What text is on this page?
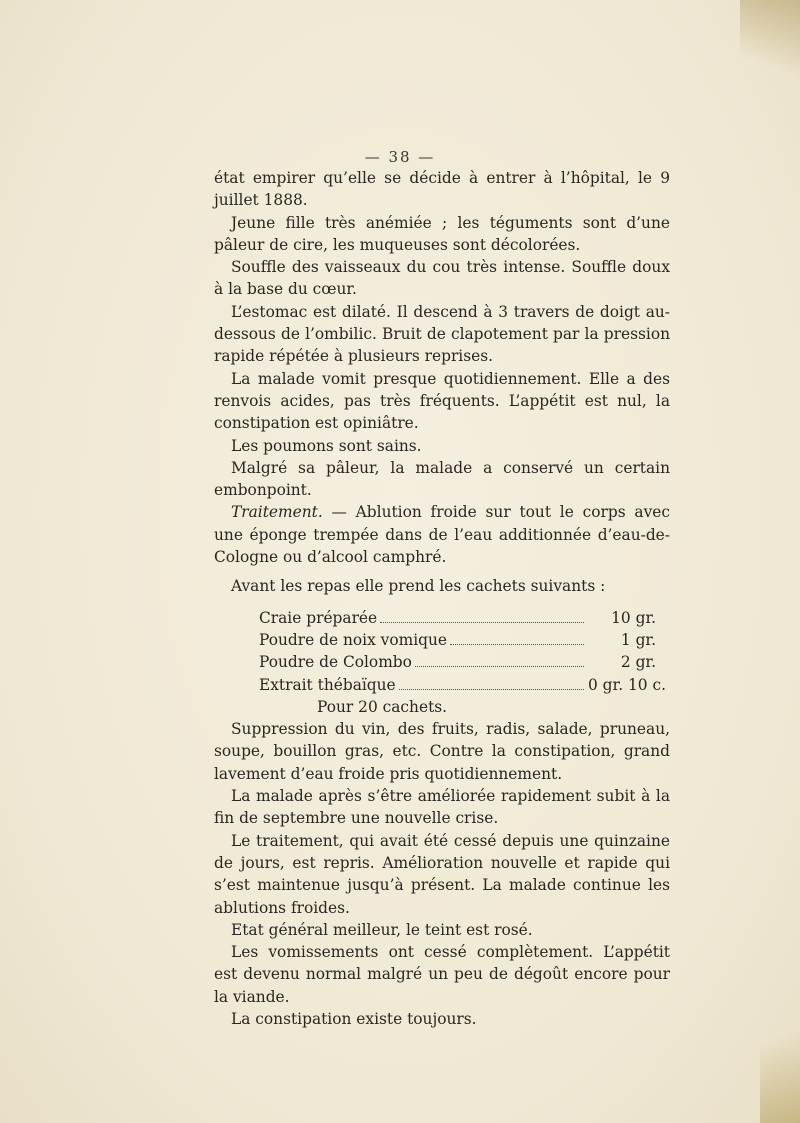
— 38 —

état empirer qu’elle se décide à entrer à l’hôpital, le 9 juillet 1888.

Jeune fille très anémiée ; les téguments sont d’une pâleur de cire, les muqueuses sont décolorées.

Souffle des vaisseaux du cou très intense. Souffle doux à la base du cœur.

L’estomac est dilaté. Il descend à 3 travers de doigt au-dessous de l’ombilic. Bruit de clapotement par la pression rapide répétée à plusieurs reprises.

La malade vomit presque quotidiennement. Elle a des renvois acides, pas très fréquents. L’appétit est nul, la constipation est opiniâtre.

Les poumons sont sains.

Malgré sa pâleur, la malade a conservé un certain embonpoint.

Traitement. — Ablution froide sur tout le corps avec une éponge trempée dans de l’eau additionnée d’eau-de-Cologne ou d’alcool camphré.

Avant les repas elle prend les cachets suivants :

Craie préparée	10 gr.
Poudre de noix vomique	1 gr.
Poudre de Colombo	2 gr.
Extrait thébaïque	0 gr. 10 c.
Pour 20 cachets.

Suppression du vin, des fruits, radis, salade, pruneau, soupe, bouillon gras, etc. Contre la constipation, grand lavement d’eau froide pris quotidiennement.

La malade après s’être améliorée rapidement subit à la fin de septembre une nouvelle crise.

Le traitement, qui avait été cessé depuis une quinzaine de jours, est repris. Amélioration nouvelle et rapide qui s’est maintenue jusqu’à présent. La malade continue les ablutions froides.

Etat général meilleur, le teint est rosé.

Les vomissements ont cessé complètement. L’appétit est devenu normal malgré un peu de dégoût encore pour la viande.

La constipation existe toujours.
